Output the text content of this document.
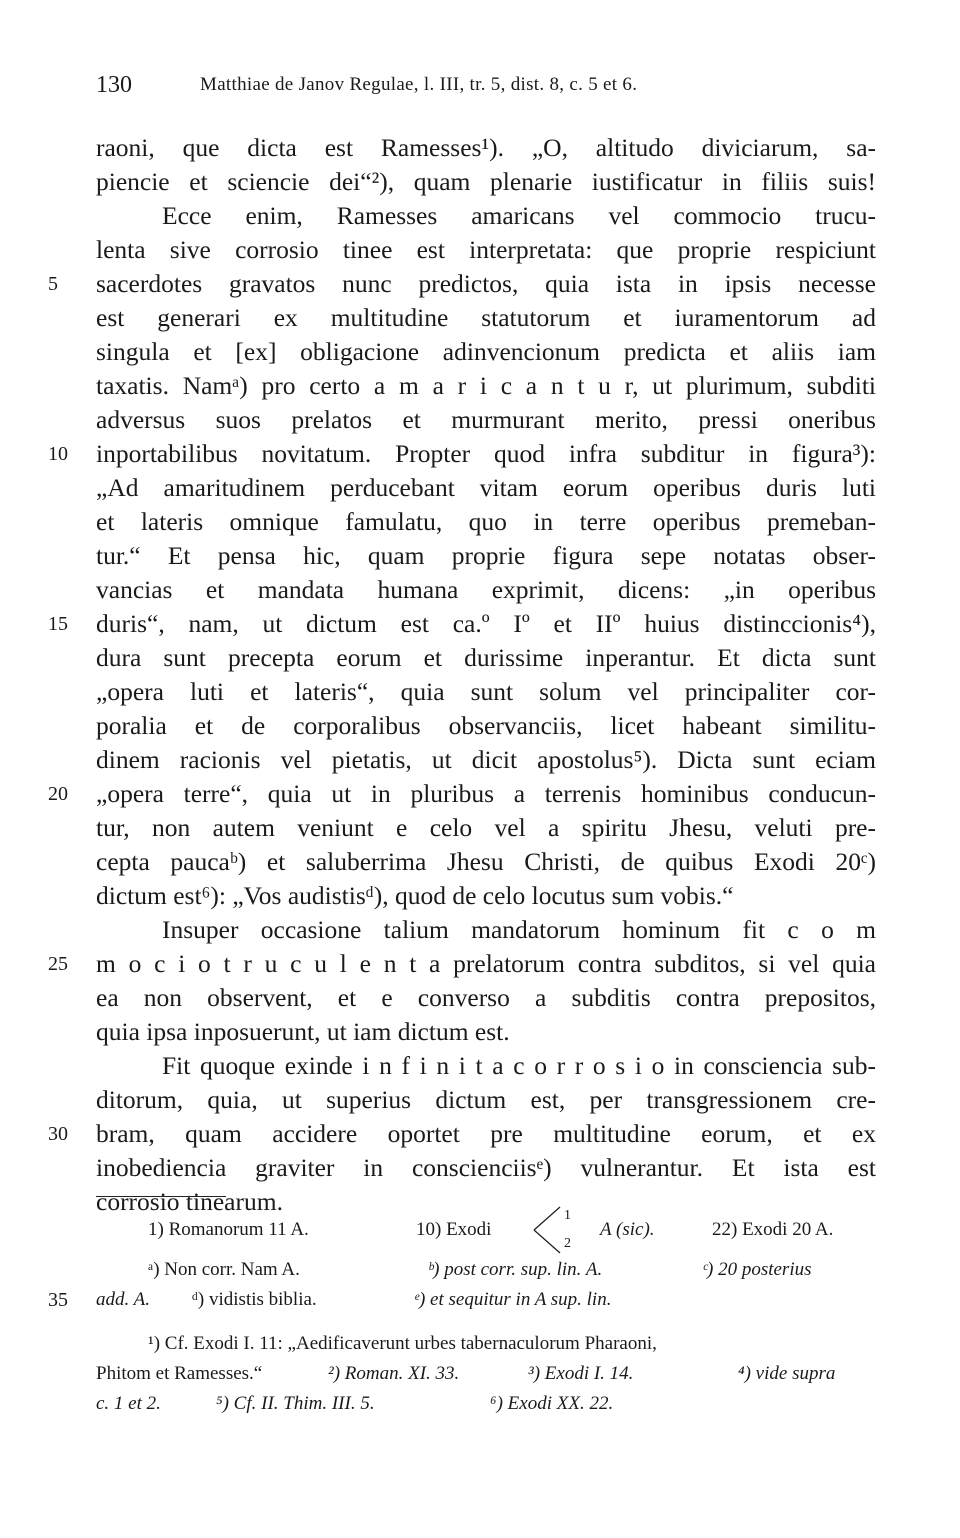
130	Matthiae de Janov Regulae, l. III, tr. 5, dist. 8, c. 5 et 6.
raoni, que dicta est Ramesses¹). „O, altitudo diviciarum, sa-
piencie et sciencie dei“²), quam plenarie iustificatur in filiis suis!
Ecce enim, Ramesses amaricans vel commocio trucu-
lenta sive corrosio tinee est interpretata: que proprie respiciunt
5	sacerdotes gravatos nunc predictos, quia ista in ipsis necesse
est generari ex multitudine statutorum et iuramentorum ad
singula et [ex] obligacione adinvencionum predicta et aliis iam
taxatis. Namᵃ) pro certo a m a r i c a n t u r, ut plurimum, subditi
adversus suos prelatos et murmurant merito, pressi oneribus
10	inportabilibus novitatum. Propter quod infra subditur in figura³):
„Ad amaritudinem perducebant vitam eorum operibus duris luti
et lateris omnique famulatu, quo in terre operibus premeban-
tur.“ Et pensa hic, quam proprie figura sepe notatas obser-
vancias et mandata humana exprimit, dicens: „in operibus
15	duris“, nam, ut dictum est ca.º Iº et IIº huius distinccionis⁴),
dura sunt precepta eorum et durissime inperantur. Et dicta sunt
„opera luti et lateris“, quia sunt solum vel principaliter cor-
poralia et de corporalibus observanciis, licet habeant similitu-
dinem racionis vel pietatis, ut dicit apostolus⁵). Dicta sunt eciam
20	„opera terre“, quia ut in pluribus a terrenis hominibus conducun-
tur, non autem veniunt e celo vel a spiritu Jhesu, veluti pre-
cepta paucaᵇ) et saluberrima Jhesu Christi, de quibus Exodi 20ᶜ)
dictum est⁶): „Vos audistisᵈ), quod de celo locutus sum vobis.“
Insuper occasione talium mandatorum hominum fit c o m
25	m o c i o t r u c u l e n t a prelatorum contra subditos, si vel quia
ea non observent, et e converso a subditis contra prepositos,
quia ipsa inposuerunt, ut iam dictum est.
Fit quoque exinde i n f i n i t a c o r r o s i o in consciencia sub-
ditorum, quia, ut superius dictum est, per transgressionem cre-
30	bram, quam accidere oportet pre multitudine eorum, et ex
inobediencia graviter in conscienciisᵉ) vulnerantur. Et ista est
corrosio tinearum.
1) Romanorum 11 A.	10) Exodi
1
2
A (sic).	22) Exodi 20 A.
ᵃ) Non corr. Nam A.	ᵇ) post corr. sup. lin. A.	ᶜ) 20 posterius
35 add. A. ᵈ) vidistis biblia.	ᵉ) et sequitur in A sup. lin.
¹) Cf. Exodi I. 11: „Aedificaverunt urbes tabernaculorum Pharaoni,
Phitom et Ramesses.“	²) Roman. XI. 33.	³) Exodi I. 14.	⁴) vide supra
c. 1 et 2.	⁵) Cf. II. Thim. III. 5.	⁶) Exodi XX. 22.
